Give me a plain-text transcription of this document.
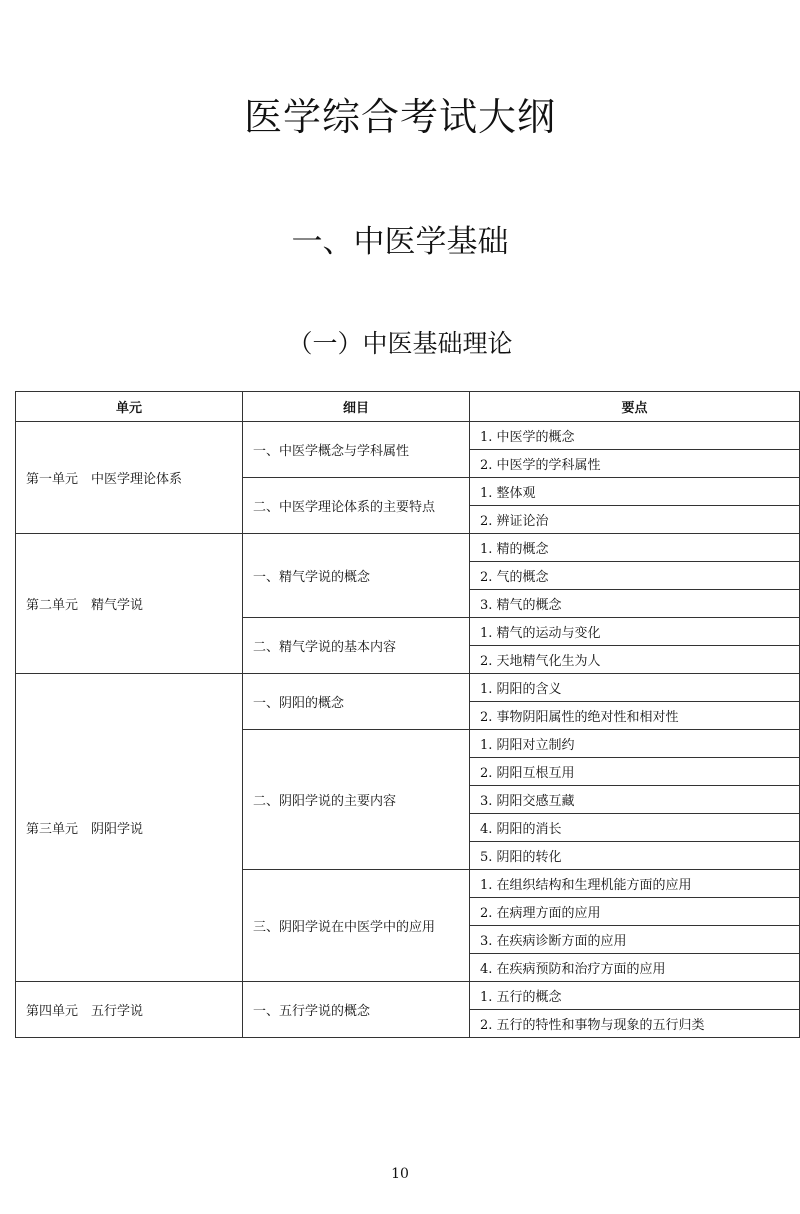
医学综合考试大纲
一、中医学基础
（一）中医基础理论
单元	细目	要点
第一单元　中医学理论体系	一、中医学概念与学科属性	1. 中医学的概念
		2. 中医学的学科属性
	二、中医学理论体系的主要特点	1. 整体观
		2. 辨证论治
第二单元　精气学说	一、精气学说的概念	1. 精的概念
		2. 气的概念
		3. 精气的概念
	二、精气学说的基本内容	1. 精气的运动与变化
		2. 天地精气化生为人
第三单元　阴阳学说	一、阴阳的概念	1. 阴阳的含义
		2. 事物阴阳属性的绝对性和相对性
	二、阴阳学说的主要内容	1. 阴阳对立制约
		2. 阴阳互根互用
		3. 阴阳交感互藏
		4. 阴阳的消长
		5. 阴阳的转化
	三、阴阳学说在中医学中的应用	1. 在组织结构和生理机能方面的应用
		2. 在病理方面的应用
		3. 在疾病诊断方面的应用
		4. 在疾病预防和治疗方面的应用
第四单元　五行学说	一、五行学说的概念	1. 五行的概念
		2. 五行的特性和事物与现象的五行归类
10
